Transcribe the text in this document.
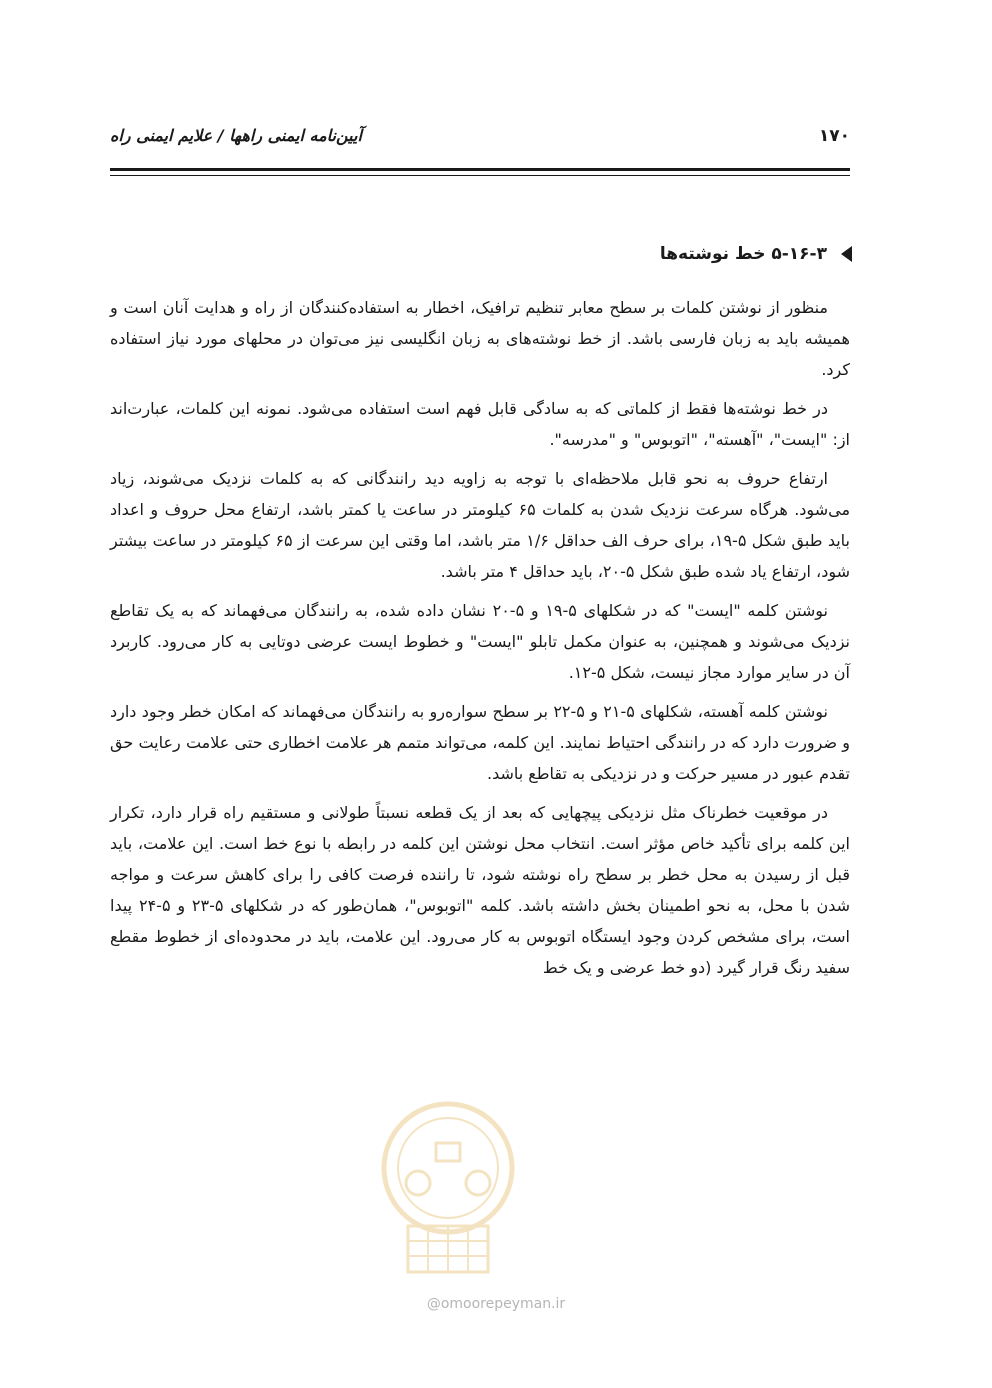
۱۷۰
آیین‌نامه ایمنی راهها / علایم ایمنی راه
۵-۱۶-۳ خط نوشته‌ها

منظور از نوشتن کلمات بر سطح معابر تنظیم ترافیک، اخطار به استفاده‌کنندگان از راه و هدایت آنان است و همیشه باید به زبان فارسی باشد. از خط نوشته‌های به زبان انگلیسی نیز می‌توان در محلهای مورد نیاز استفاده کرد.

در خط نوشته‌ها فقط از کلماتی که به سادگی قابل فهم است استفاده می‌شود. نمونه این کلمات، عبارت‌اند از: "ایست"، "آهسته"، "اتوبوس" و "مدرسه".

ارتفاع حروف به نحو قابل ملاحظه‌ای با توجه به زاویه دید رانندگانی که به کلمات نزدیک می‌شوند، زیاد می‌شود. هرگاه سرعت نزدیک شدن به کلمات ۶۵ کیلومتر در ساعت یا کمتر باشد، ارتفاع محل حروف و اعداد باید طبق شکل ۵-۱۹، برای حرف الف حداقل ۱/۶ متر باشد، اما وقتی این سرعت از ۶۵ کیلومتر در ساعت بیشتر شود، ارتفاع یاد شده طبق شکل ۵-۲۰، باید حداقل ۴ متر باشد.

نوشتن کلمه "ایست" که در شکلهای ۵-۱۹ و ۵-۲۰ نشان داده شده، به رانندگان می‌فهماند که به یک تقاطع نزدیک می‌شوند و همچنین، به عنوان مکمل تابلو "ایست" و خطوط ایست عرضی دوتایی به کار می‌رود. کاربرد آن در سایر موارد مجاز نیست، شکل ۵-۱۲.

نوشتن کلمه آهسته، شکلهای ۵-۲۱ و ۵-۲۲ بر سطح سواره‌رو به رانندگان می‌فهماند که امکان خطر وجود دارد و ضرورت دارد که در رانندگی احتیاط نمایند. این کلمه، می‌تواند متمم هر علامت اخطاری حتی علامت رعایت حق تقدم عبور در مسیر حرکت و در نزدیکی به تقاطع باشد.

در موقعیت خطرناک مثل نزدیکی پیچهایی که بعد از یک قطعه نسبتاً طولانی و مستقیم راه قرار دارد، تکرار این کلمه برای تأکید خاص مؤثر است. انتخاب محل نوشتن این کلمه در رابطه با نوع خط است. این علامت، باید قبل از رسیدن به محل خطر بر سطح راه نوشته شود، تا راننده فرصت کافی را برای کاهش سرعت و مواجه شدن با محل، به نحو اطمینان بخش داشته باشد. کلمه "اتوبوس"، همان‌طور که در شکلهای ۵-۲۳ و ۵-۲۴ پیدا است، برای مشخص کردن وجود ایستگاه اتوبوس به کار می‌رود. این علامت، باید در محدوده‌ای از خطوط مقطع سفید رنگ قرار گیرد (دو خط عرضی و یک خط

@omoorepeyman.ir
